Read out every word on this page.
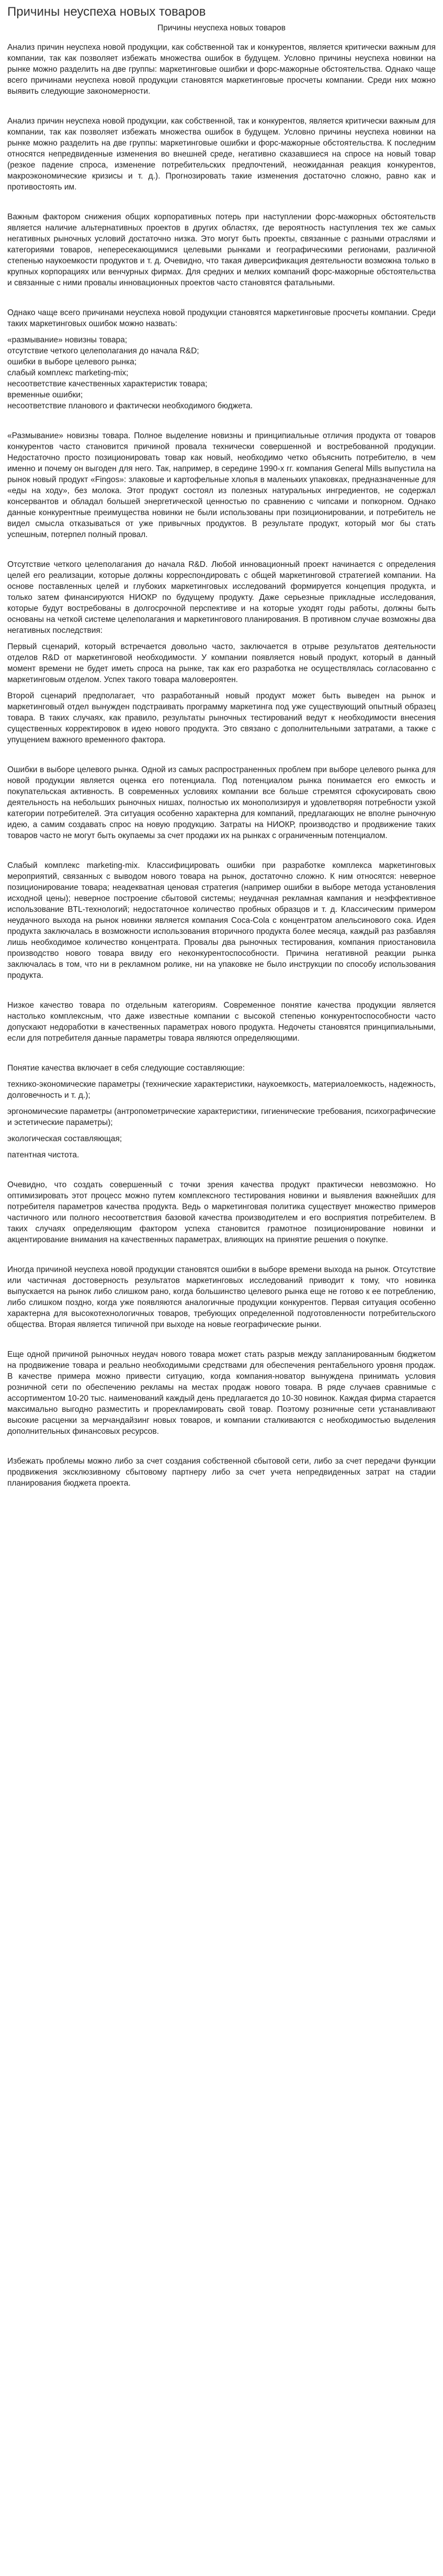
Причины неуспеха новых товаров
Причины неуспеха новых товаров

Анализ причин неуспеха новой продукции, как собственной так и конкурентов, является критически важным для компании, так как позволяет избежать множества ошибок в будущем. Условно причины неуспеха новинки на рынке можно разделить на две группы: маркетинговые ошибки и форс-мажорные обстоятельства. Однако чаще всего причинами неуспеха новой продукции становятся маркетинговые просчеты компании. Среди них можно выявить следующие закономерности.

Анализ причин неуспеха новой продукции, как собственной, так и конкурентов, является критически важным для компании, так как позволяет избежать множества ошибок в будущем. Условно причины неуспеха новинки на рынке можно разделить на две группы: маркетинговые ошибки и форс-мажорные обстоятельства. К последним относятся непредвиденные изменения во внешней среде, негативно сказавшиеся на спросе на новый товар (резкое падение спроса, изменение потребительских предпочтений, неожиданная реакция конкурентов, макроэкономические кризисы и т. д.). Прогнозировать такие изменения достаточно сложно, равно как и противостоять им.

Важным фактором снижения общих корпоративных потерь при наступлении форс-мажорных обстоятельств является наличие альтернативных проектов в других областях, где вероятность наступления тех же самых негативных рыночных условий достаточно низка. Это могут быть проекты, связанные с разными отраслями и категориями товаров, непересекающимися целевыми рынками и географическими регионами, различной степенью наукоемкости продуктов и т. д. Очевидно, что такая диверсификация деятельности возможна только в крупных корпорациях или венчурных фирмах. Для средних и мелких компаний форс-мажорные обстоятельства и связанные с ними провалы инновационных проектов часто становятся фатальными.

Однако чаще всего причинами неуспеха новой продукции становятся маркетинговые просчеты компании. Среди таких маркетинговых ошибок можно назвать:

«размывание» новизны товара;
отсутствие четкого целеполагания до начала R&D;
ошибки в выборе целевого рынка;
слабый комплекс marketing-mix;
несоответствие качественных характеристик товара;
временные ошибки;
несоответствие планового и фактически необходимого бюджета.

«Размывание» новизны товара. Полное выделение новизны и принципиальные отличия продукта от товаров конкурентов часто становится причиной провала технически совершенной и востребованной продукции. Недостаточно просто позиционировать товар как новый, необходимо четко объяснить потребителю, в чем именно и почему он выгоден для него. Так, например, в середине 1990-х гг. компания General Mills выпустила на рынок новый продукт «Fingos»: злаковые и картофельные хлопья в маленьких упаковках, предназначенные для «еды на ходу», без молока. Этот продукт состоял из полезных натуральных ингредиентов, не содержал консервантов и обладал большей энергетической ценностью по сравнению с чипсами и попкорном. Однако данные конкурентные преимущества новинки не были использованы при позиционировании, и потребитель не видел смысла отказываться от уже привычных продуктов. В результате продукт, который мог бы стать успешным, потерпел полный провал.

Отсутствие четкого целеполагания до начала R&D. Любой инновационный проект начинается с определения целей его реализации, которые должны корреспондировать с общей маркетинговой стратегией компании. На основе поставленных целей и глубоких маркетинговых исследований формируется концепция продукта, и только затем финансируются НИОКР по будущему продукту. Даже серьезные прикладные исследования, которые будут востребованы в долгосрочной перспективе и на которые уходят годы работы, должны быть основаны на четкой системе целеполагания и маркетингового планирования. В противном случае возможны два негативных последствия:

Первый сценарий, который встречается довольно часто, заключается в отрыве результатов деятельности отделов R&D от маркетинговой необходимости. У компании появляется новый продукт, который в данный момент времени не будет иметь спроса на рынке, так как его разработка не осуществлялась согласованно с маркетинговым отделом. Успех такого товара маловероятен.

Второй сценарий предполагает, что разработанный новый продукт может быть выведен на рынок и маркетинговый отдел вынужден подстраивать программу маркетинга под уже существующий опытный образец товара. В таких случаях, как правило, результаты рыночных тестирований ведут к необходимости внесения существенных корректировок в идею нового продукта. Это связано с дополнительными затратами, а также с упущением важного временного фактора.

Ошибки в выборе целевого рынка. Одной из самых распространенных проблем при выборе целевого рынка для новой продукции является оценка его потенциала. Под потенциалом рынка понимается его емкость и покупательская активность. В современных условиях компании все больше стремятся сфокусировать свою деятельность на небольших рыночных нишах, полностью их монополизируя и удовлетворяя потребности узкой категории потребителей. Эта ситуация особенно характерна для компаний, предлагающих не вполне рыночную идею, а самим создавать спрос на новую продукцию. Затраты на НИОКР, производство и продвижение таких товаров часто не могут быть окупаемы за счет продажи их на рынках с ограниченным потенциалом.

Слабый комплекс marketing-mix. Классифицировать ошибки при разработке комплекса маркетинговых мероприятий, связанных с выводом нового товара на рынок, достаточно сложно. К ним относятся: неверное позиционирование товара; неадекватная ценовая стратегия (например ошибки в выборе метода установления исходной цены); неверное построение сбытовой системы; неудачная рекламная кампания и неэффективное использование BTL-технологий; недостаточное количество пробных образцов и т. д. Классическим примером неудачного выхода на рынок новинки является компания Coca-Cola с концентратом апельсинового сока. Идея продукта заключалась в возможности использования вторичного продукта более месяца, каждый раз разбавляя лишь необходимое количество концентрата. Провалы два рыночных тестирования, компания приостановила производство нового товара ввиду его неконкурентоспособности. Причина негативной реакции рынка заключалась в том, что ни в рекламном ролике, ни на упаковке не было инструкции по способу использования продукта.

Низкое качество товара по отдельным категориям. Современное понятие качества продукции является настолько комплексным, что даже известные компании с высокой степенью конкурентоспособности часто допускают недоработки в качественных параметрах нового продукта. Недочеты становятся принципиальными, если для потребителя данные параметры товара являются определяющими.

Понятие качества включает в себя следующие составляющие:

технико-экономические параметры (технические характеристики, наукоемкость, материалоемкость, надежность, долговечность и т. д.);

эргономические параметры (антропометрические характеристики, гигиенические требования, психографические и эстетические параметры);

экологическая составляющая;

патентная чистота.

Очевидно, что создать совершенный с точки зрения качества продукт практически невозможно. Но оптимизировать этот процесс можно путем комплексного тестирования новинки и выявления важнейших для потребителя параметров качества продукта. Ведь о маркетинговая политика существует множество примеров частичного или полного несоответствия базовой качества производителем и его восприятия потребителем. В таких случаях определяющим фактором успеха становится грамотное позиционирование новинки и акцентирование внимания на качественных параметрах, влияющих на принятие решения о покупке.

Иногда причиной неуспеха новой продукции становятся ошибки в выборе времени выхода на рынок. Отсутствие или частичная достоверность результатов маркетинговых исследований приводит к тому, что новинка выпускается на рынок либо слишком рано, когда большинство целевого рынка еще не готово к ее потреблению, либо слишком поздно, когда уже появляются аналогичные продукции конкурентов. Первая ситуация особенно характерна для высокотехнологичных товаров, требующих определенной подготовленности потребительского общества. Вторая является типичной при выходе на новые географические рынки.

Еще одной причиной рыночных неудач нового товара может стать разрыв между запланированным бюджетом на продвижение товара и реально необходимыми средствами для обеспечения рентабельного уровня продаж. В качестве примера можно привести ситуацию, когда компания-новатор вынуждена принимать условия розничной сети по обеспечению рекламы на местах продаж нового товара. В ряде случаев сравнимые с ассортиментом 10-20 тыс. наименований каждый день предлагается до 10-30 новинок. Каждая фирма старается максимально выгодно разместить и прорекламировать свой товар. Поэтому розничные сети устанавливают высокие расценки за мерчандайзинг новых товаров, и компании сталкиваются с необходимостью выделения дополнительных финансовых ресурсов.

Избежать проблемы можно либо за счет создания собственной сбытовой сети, либо за счет передачи функции продвижения эксклюзивному сбытовому партнеру либо за счет учета непредвиденных затрат на стадии планирования бюджета проекта.
